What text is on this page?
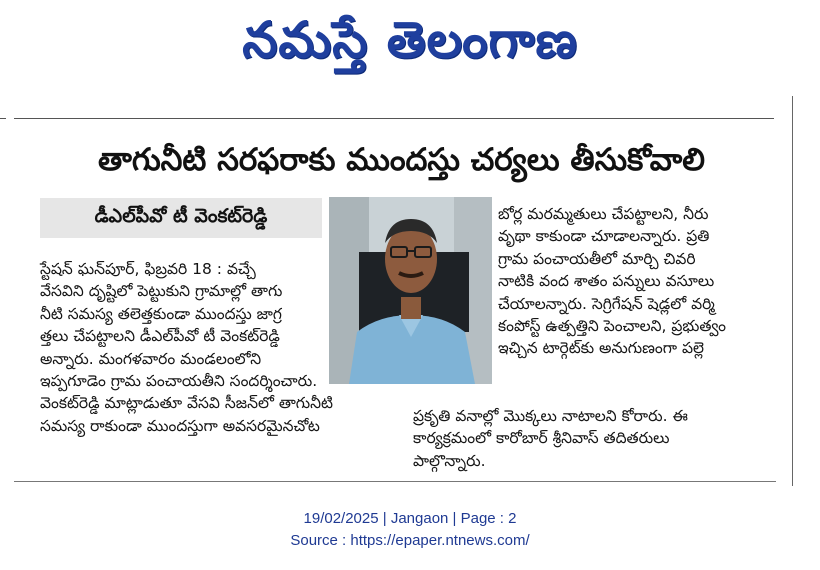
నమస్తే తెలంగాణ
తాగునీటి సరఫరాకు ముందస్తు చర్యలు తీసుకోవాలి
డీఎల్‌పీవో టీ వెంకట్‌రెడ్డి
స్టేషన్ ఘన్‌పూర్, ఫిబ్రవరి 18 : వచ్చే
వేసవిని దృష్టిలో పెట్టుకుని గ్రామాల్లో తాగు
నీటి సమస్య తలెత్తకుండా ముందస్తు జాగ్ర
త్తలు చేపట్టాలని డీఎల్‌పీవో టీ వెంకట్‌రెడ్డి
అన్నారు. మంగళవారం మండలంలోని
ఇప్పగూడెం గ్రామ పంచాయతీని సందర్శించారు.
వెంకట్‌రెడ్డి మాట్లాడుతూ వేసవి సీజన్‌లో తాగునీటి
సమస్య రాకుండా ముందస్తుగా అవసరమైనచోట
బోర్ల మరమ్మతులు చేపట్టాలని, నీరు
వృథా కాకుండా చూడాలన్నారు. ప్రతి
గ్రామ పంచాయతీలో మార్చి చివరి
నాటికి వంద శాతం పన్నులు వసూలు
చేయాలన్నారు. సెగ్రిగేషన్ షెడ్లలో వర్మి
కంపోస్ట్ ఉత్పత్తిని పెంచాలని, ప్రభుత్వం
ఇచ్చిన టార్గెట్‌కు అనుగుణంగా పల్లె
ప్రకృతి వనాల్లో మొక్కలు నాటాలని కోరారు. ఈ
కార్యక్రమంలో కారోబార్ శ్రీనివాస్ తదితరులు
పాల్గొన్నారు.
19/02/2025 | Jangaon | Page : 2
Source : https://epaper.ntnews.com/
